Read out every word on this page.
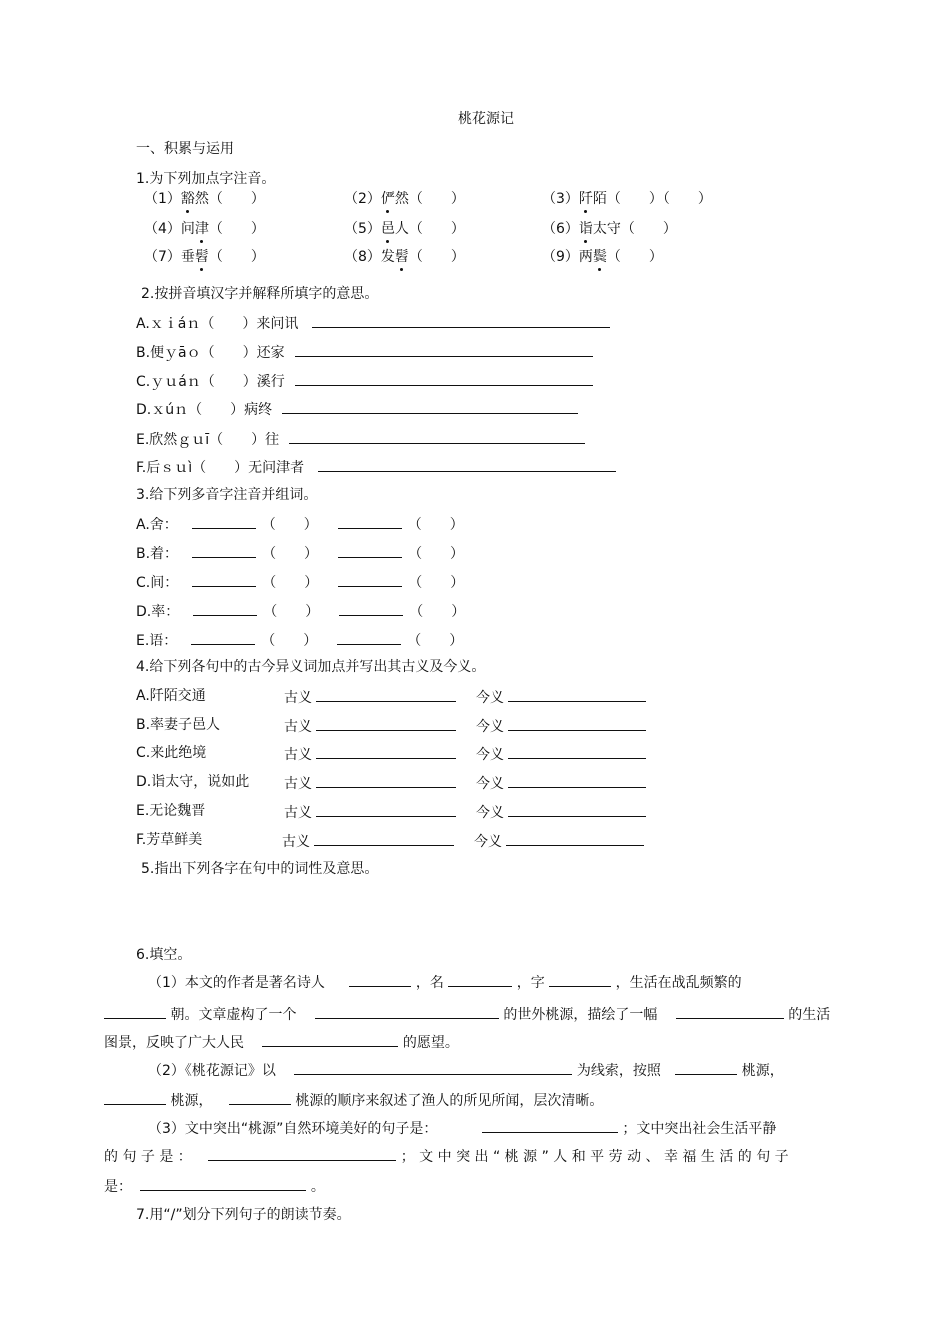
桃花源记
一、积累与运用
1.为下列加点字注音。
2.按拼音填汉字并解释所填字的意思。
3.给下列多音字注音并组词。
4.给下列各句中的古今异义词加点并写出其古义及今义。
5.指出下列各字在句中的词性及意思。
6.填空。
（1）本文的作者是著名诗人	，名	，字	，生活在战乱频繁的
朝。文章虚构了一个	的世外桃源，描绘了一幅	的生活
图景，反映了广大人民	的愿望。
（2）《桃花源记》以	为线索，按照	桃源，
桃源，	桃源的顺序来叙述了渔人的所见所闻，层次清晰。
（3）文中突出“桃源”自然环境美好的句子是：	；文中突出社会生活平静
的 句 子 是 ：	； 文 中 突 出 “ 桃 源 ” 人 和 平 劳 动 、 幸 福 生 活 的 句 子
是：	。
7.用“/”划分下列句子的朗读节奏。
（1）豁然（　　）	（2）俨然（　　）	（3）阡陌（　　）（　　）
（4）问津（　　）	（5）邑人（　　）	（6）诣太守（　　）
（7）垂髫（　　）	（8）发髫（　　）	（9）两鬓（　　）
A.ｘｉáｎ（　　）来问讯
B.便ｙāｏ（　　）还家
C.ｙｕáｎ（　　）溪行
D.ｘúｎ（　　）病终
E.欣然ｇｕī（　　）往
F.后ｓｕì（　　）无问津者
A.舍：	（　　）	（　　）
B.着：	（　　）	（　　）
C.间：	（　　）	（　　）
D.率：	（　　）	（　　）
E.语：	（　　）	（　　）
A.阡陌交通	古义	今义
B.率妻子邑人	古义	今义
C.来此绝境	古义	今义
D.诣太守，说如此 古义	今义
E.无论魏晋	古义	今义
F.芳草鲜美	古义	今义
